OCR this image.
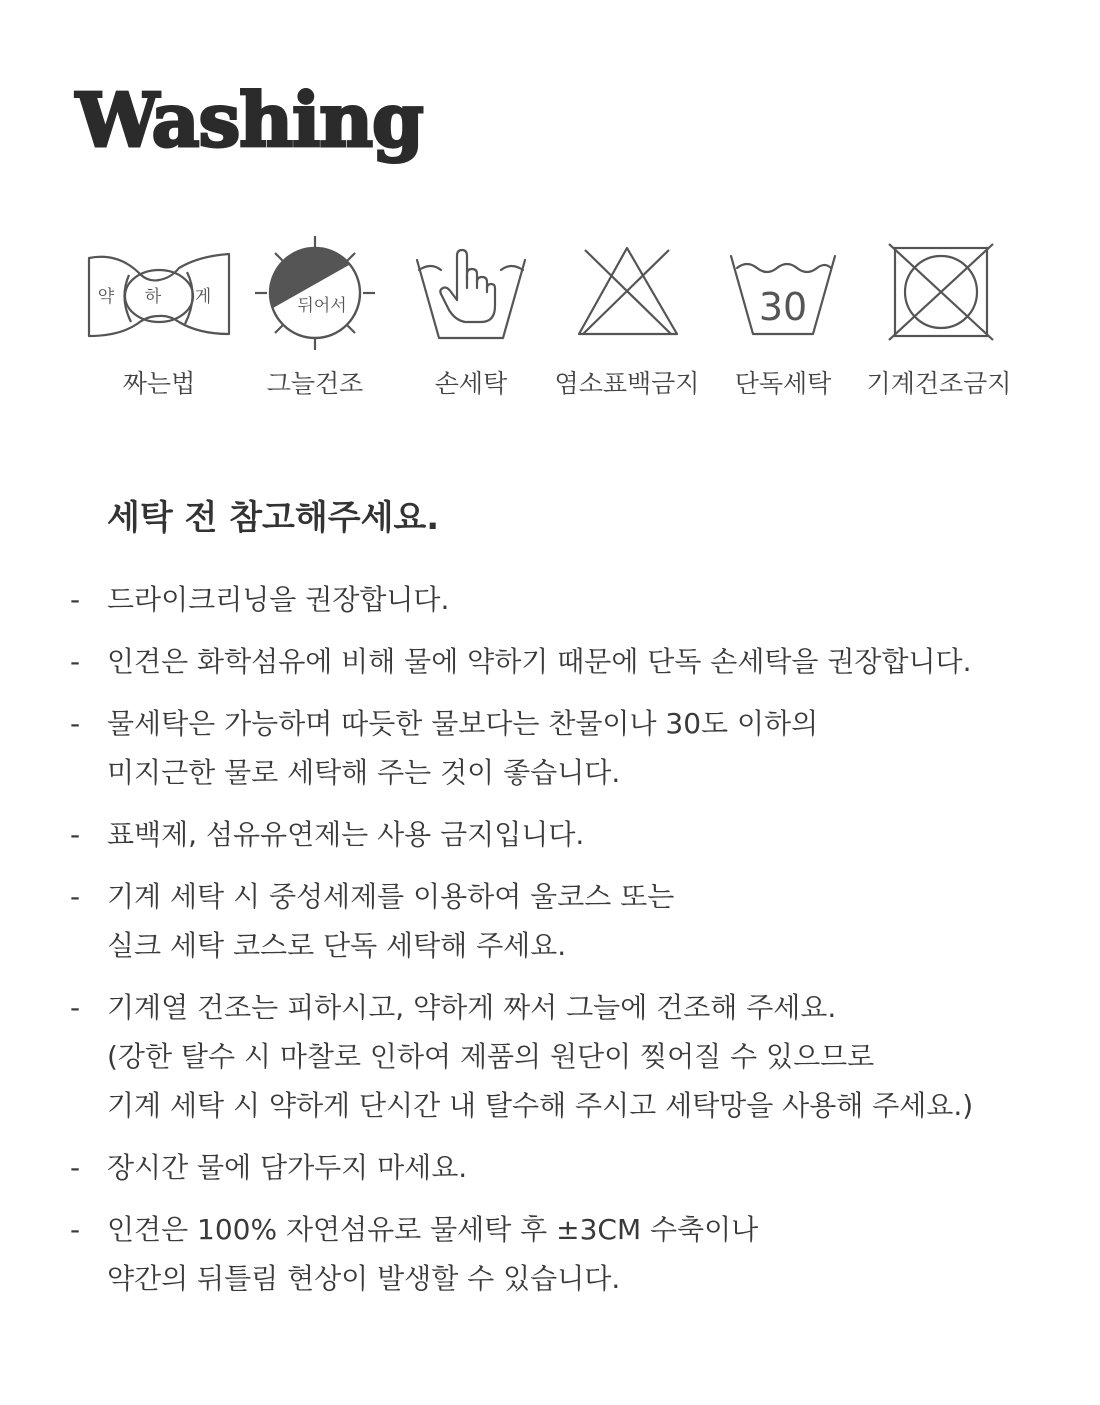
Washing
약 하 게
짜는법
뒤어서
그늘건조	손세탁	염소표백금지
30
단독세탁	기계건조금지
세탁 전 참고해주세요.
- 드라이크리닝을 권장합니다.
- 인견은 화학섬유에 비해 물에 약하기 때문에 단독 손세탁을 권장합니다.
- 물세탁은 가능하며 따듯한 물보다는 찬물이나 30도 이하의
미지근한 물로 세탁해 주는 것이 좋습니다.
- 표백제, 섬유유연제는 사용 금지입니다.
- 기계 세탁 시 중성세제를 이용하여 울코스 또는
실크 세탁 코스로 단독 세탁해 주세요.
- 기계열 건조는 피하시고, 약하게 짜서 그늘에 건조해 주세요.
(강한 탈수 시 마찰로 인하여 제품의 원단이 찢어질 수 있으므로
기계 세탁 시 약하게 단시간 내 탈수해 주시고 세탁망을 사용해 주세요.)
- 장시간 물에 담가두지 마세요.
- 인견은 100% 자연섬유로 물세탁 후 ±3CM 수축이나
약간의 뒤틀림 현상이 발생할 수 있습니다.
